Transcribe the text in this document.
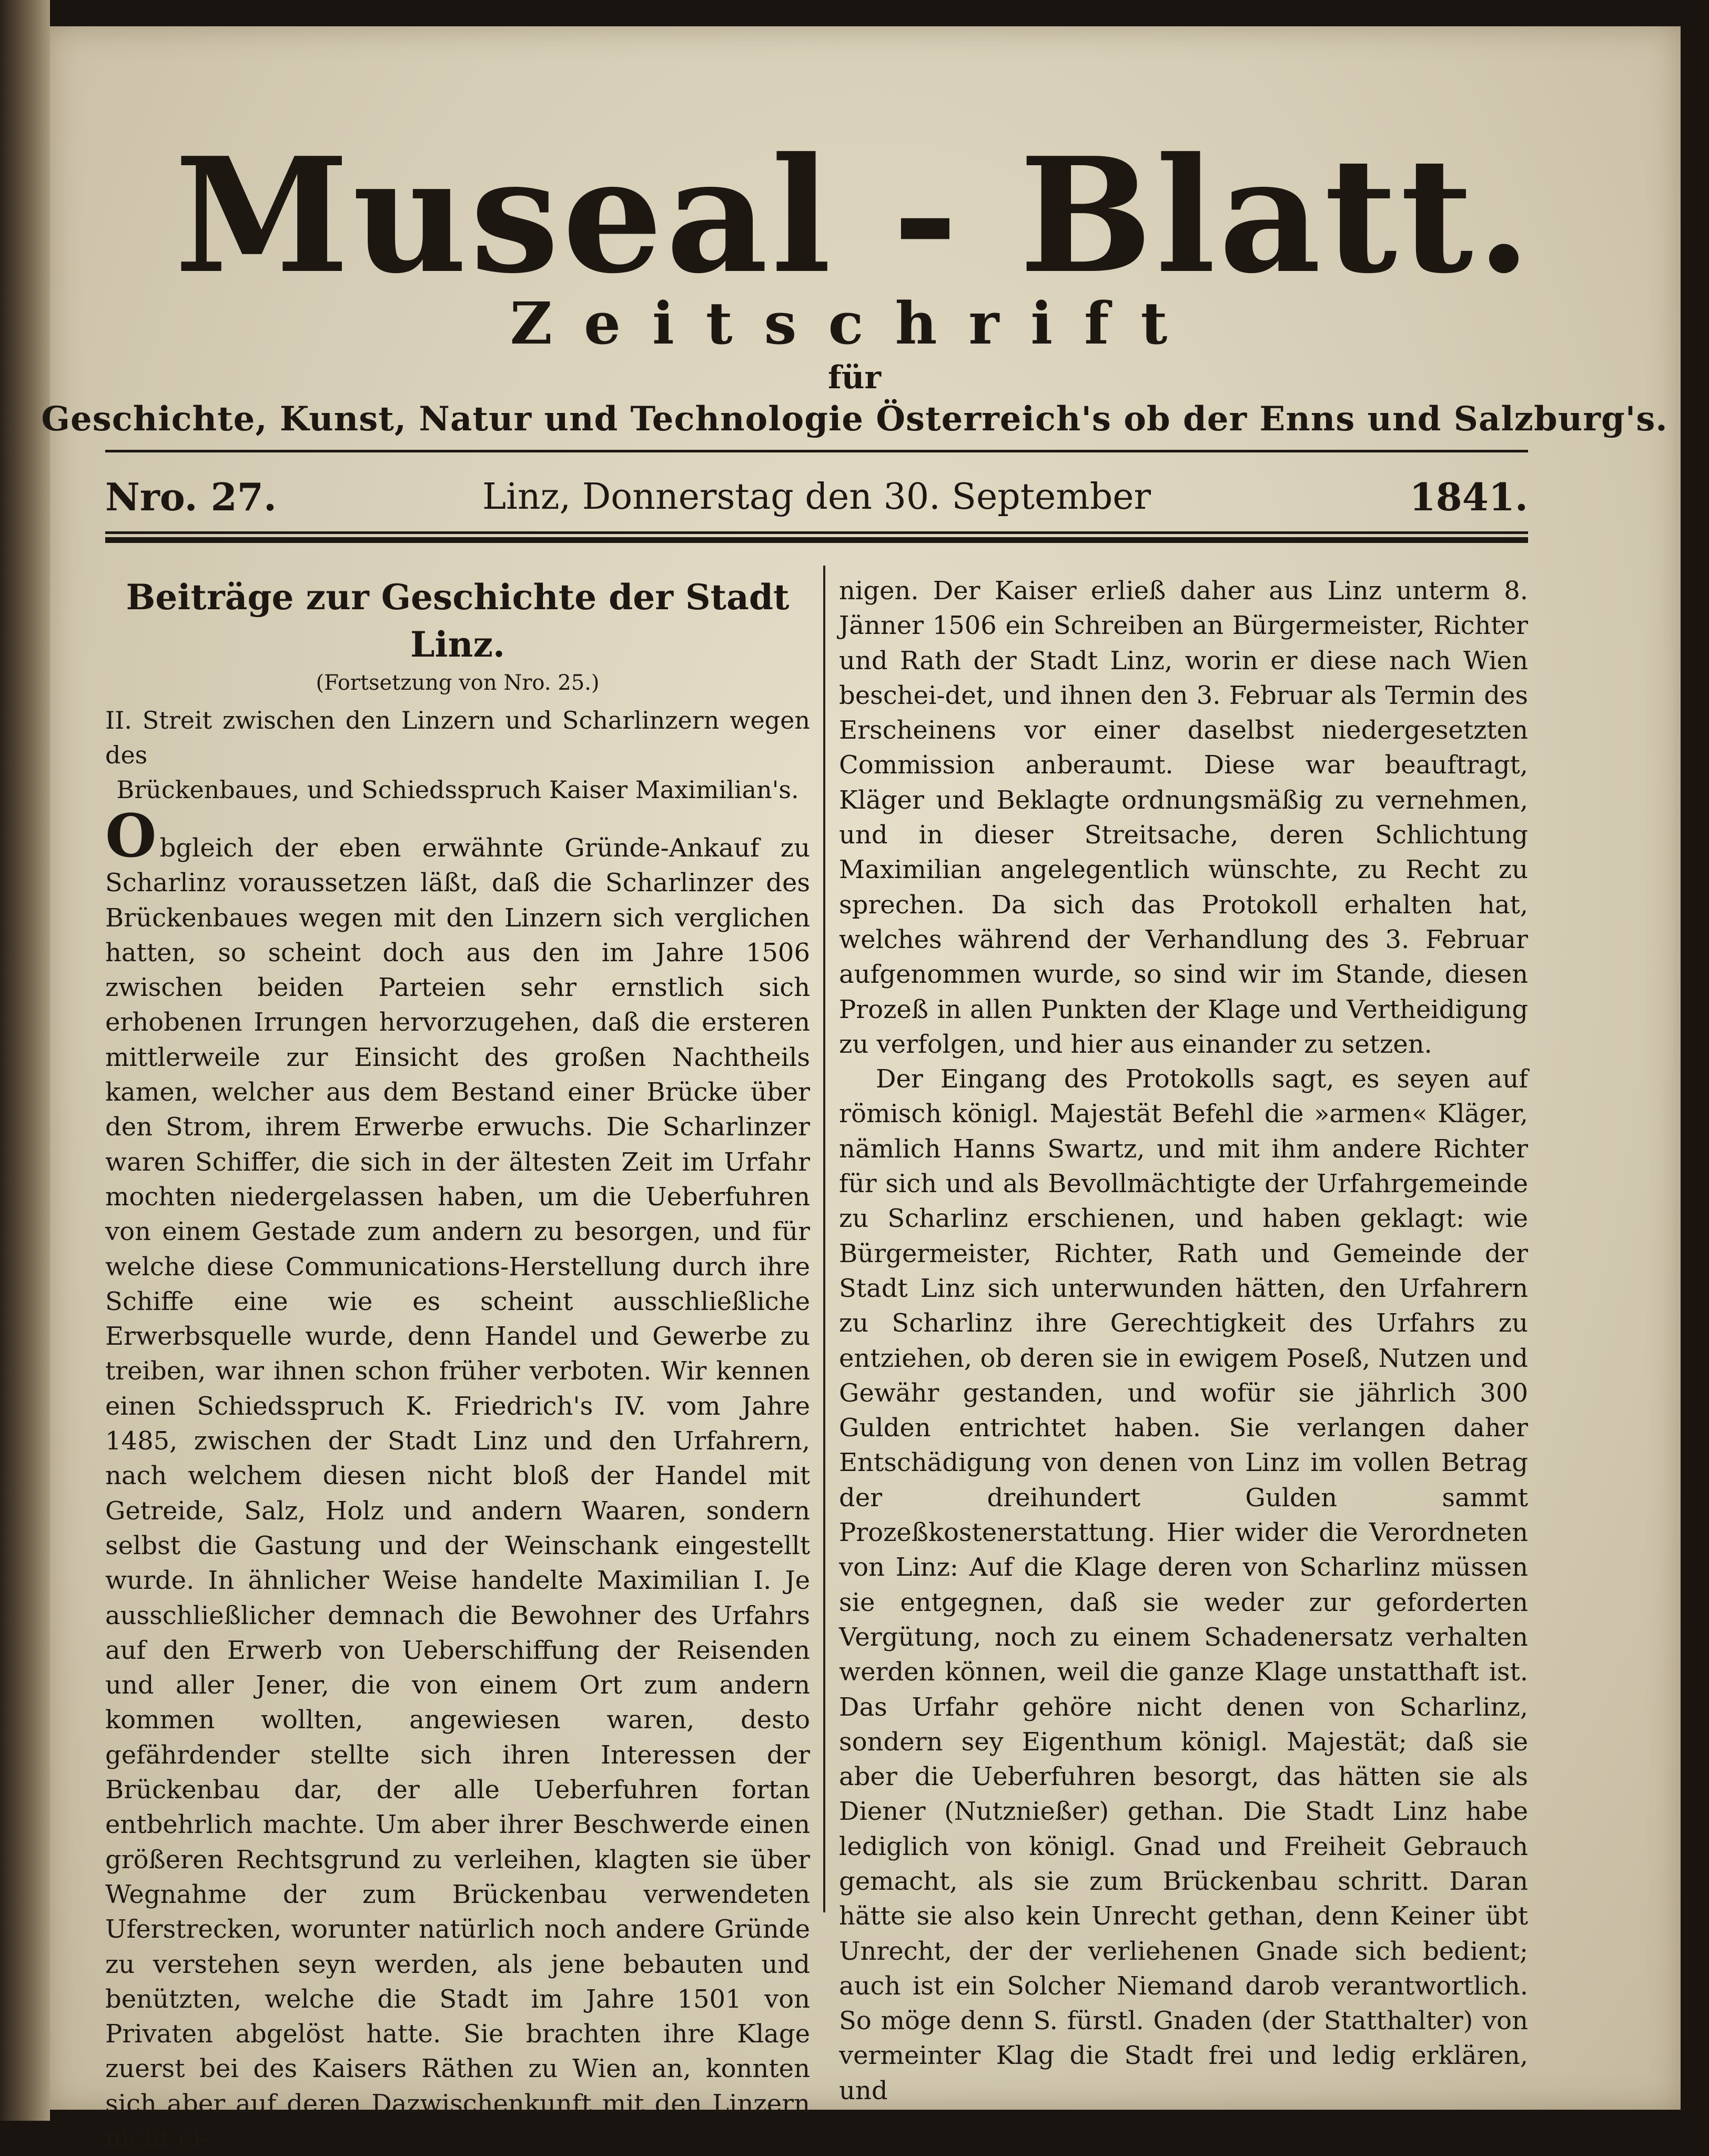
Museal - Blatt.
Zeitschrift
für
Geschichte, Kunst, Natur und Technologie Österreich's ob der Enns und Salzburg's.
Linz, Donnerstag den 30. September
Nro. 27.	1841.

Beiträge zur Geschichte der Stadt Linz.

(Fortsetzung von Nro. 25.)

II. Streit zwischen den Linzern und Scharlinzern wegen des
Brückenbaues, und Schiedsspruch Kaiser Maximilian's.

Obgleich der eben erwähnte Gründe-Ankauf zu Scharlinz voraussetzen läßt, daß die Scharlinzer des Brückenbaues wegen mit den Linzern sich verglichen hatten, so scheint doch aus den im Jahre 1506 zwischen beiden Parteien sehr ernstlich sich erhobenen Irrungen hervorzugehen, daß die ersteren mittlerweile zur Einsicht des großen Nachtheils kamen, welcher aus dem Bestand einer Brücke über den Strom, ihrem Erwerbe erwuchs. Die Scharlinzer waren Schiffer, die sich in der ältesten Zeit im Urfahr mochten niedergelassen haben, um die Ueberfuhren von einem Gestade zum andern zu besorgen, und für welche diese Communications-Herstellung durch ihre Schiffe eine wie es scheint ausschließliche Erwerbsquelle wurde, denn Handel und Gewerbe zu treiben, war ihnen schon früher verboten. Wir kennen einen Schiedsspruch K. Friedrich's IV. vom Jahre 1485, zwischen der Stadt Linz und den Urfahrern, nach welchem diesen nicht bloß der Handel mit Getreide, Salz, Holz und andern Waaren, sondern selbst die Gastung und der Weinschank eingestellt wurde. In ähnlicher Weise handelte Maximilian I. Je ausschließlicher demnach die Bewohner des Urfahrs auf den Erwerb von Ueberschiffung der Reisenden und aller Jener, die von einem Ort zum andern kommen wollten, angewiesen waren, desto gefährdender stellte sich ihren Interessen der Brückenbau dar, der alle Ueberfuhren fortan entbehrlich machte. Um aber ihrer Beschwerde einen größeren Rechtsgrund zu verleihen, klagten sie über Wegnahme der zum Brückenbau verwendeten Uferstrecken, worunter natürlich noch andere Gründe zu verstehen seyn werden, als jene bebauten und benützten, welche die Stadt im Jahre 1501 von Privaten abgelöst hatte. Sie brachten ihre Klage zuerst bei des Kaisers Räthen zu Wien an, konnten sich aber auf deren Dazwischenkunft mit den Linzern nicht ei-

nigen. Der Kaiser erließ daher aus Linz unterm 8. Jänner 1506 ein Schreiben an Bürgermeister, Richter und Rath der Stadt Linz, worin er diese nach Wien beschei-det, und ihnen den 3. Februar als Termin des Erscheinens vor einer daselbst niedergesetzten Commission anberaumt. Diese war beauftragt, Kläger und Beklagte ordnungsmäßig zu vernehmen, und in dieser Streitsache, deren Schlichtung Maximilian angelegentlich wünschte, zu Recht zu sprechen. Da sich das Protokoll erhalten hat, welches während der Verhandlung des 3. Februar aufgenommen wurde, so sind wir im Stande, diesen Prozeß in allen Punkten der Klage und Vertheidigung zu verfolgen, und hier aus einander zu setzen.

Der Eingang des Protokolls sagt, es seyen auf römisch königl. Majestät Befehl die »armen« Kläger, nämlich Hanns Swartz, und mit ihm andere Richter für sich und als Bevollmächtigte der Urfahrgemeinde zu Scharlinz erschienen, und haben geklagt: wie Bürgermeister, Richter, Rath und Gemeinde der Stadt Linz sich unterwunden hätten, den Urfahrern zu Scharlinz ihre Gerechtigkeit des Urfahrs zu entziehen, ob deren sie in ewigem Poseß, Nutzen und Gewähr gestanden, und wofür sie jährlich 300 Gulden entrichtet haben. Sie verlangen daher Entschädigung von denen von Linz im vollen Betrag der dreihundert Gulden sammt Prozeßkostenerstattung. Hier wider die Verordneten von Linz: Auf die Klage deren von Scharlinz müssen sie entgegnen, daß sie weder zur geforderten Vergütung, noch zu einem Schadenersatz verhalten werden können, weil die ganze Klage unstatthaft ist. Das Urfahr gehöre nicht denen von Scharlinz, sondern sey Eigenthum königl. Majestät; daß sie aber die Ueberfuhren besorgt, das hätten sie als Diener (Nutznießer) gethan. Die Stadt Linz habe lediglich von königl. Gnad und Freiheit Gebrauch gemacht, als sie zum Brückenbau schritt. Daran hätte sie also kein Unrecht gethan, denn Keiner übt Unrecht, der der verliehenen Gnade sich bedient; auch ist ein Solcher Niemand darob verantwortlich. So möge denn S. fürstl. Gnaden (der Statthalter) von vermeinter Klag die Stadt frei und ledig erklären, und
